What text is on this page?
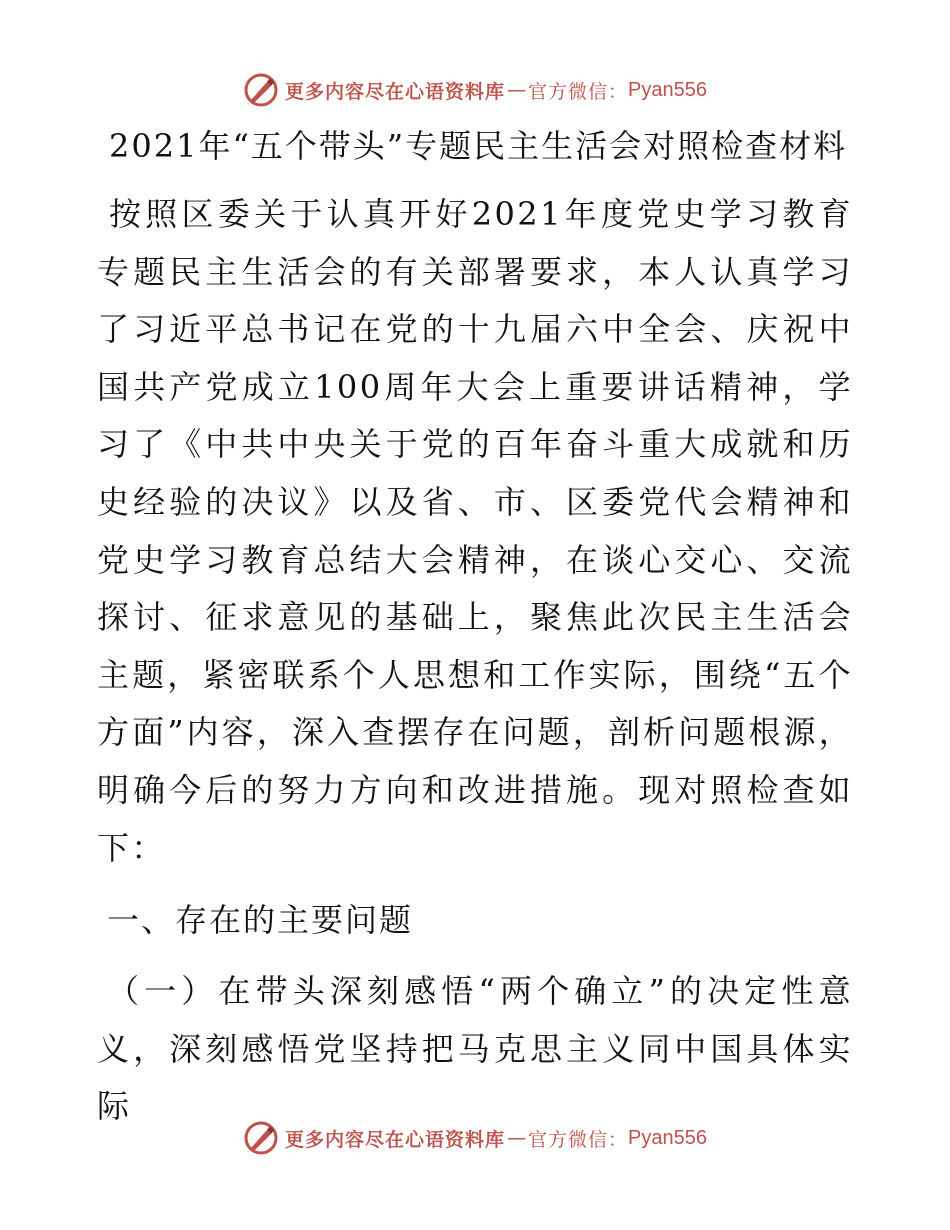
更多内容尽在心语资料库 — 官方微信： Pyan556
2021年“五个带头”专题民主生活会对照检查材料

按照区委关于认真开好2021年度党史学习教育专题民主生活会的有关部署要求，本人认真学习了习近平总书记在党的十九届六中全会、庆祝中国共产党成立100周年大会上重要讲话精神，学习了《中共中央关于党的百年奋斗重大成就和历史经验的决议》以及省、市、区委党代会精神和党史学习教育总结大会精神，在谈心交心、交流探讨、征求意见的基础上，聚焦此次民主生活会主题，紧密联系个人思想和工作实际，围绕“五个方面”内容，深入查摆存在问题，剖析问题根源，明确今后的努力方向和改进措施。现对照检查如下：

一、存在的主要问题

（一）在带头深刻感悟“两个确立”的决定性意义，深刻感悟党坚持把马克思主义同中国具体实际

更多内容尽在心语资料库 — 官方微信： Pyan556
